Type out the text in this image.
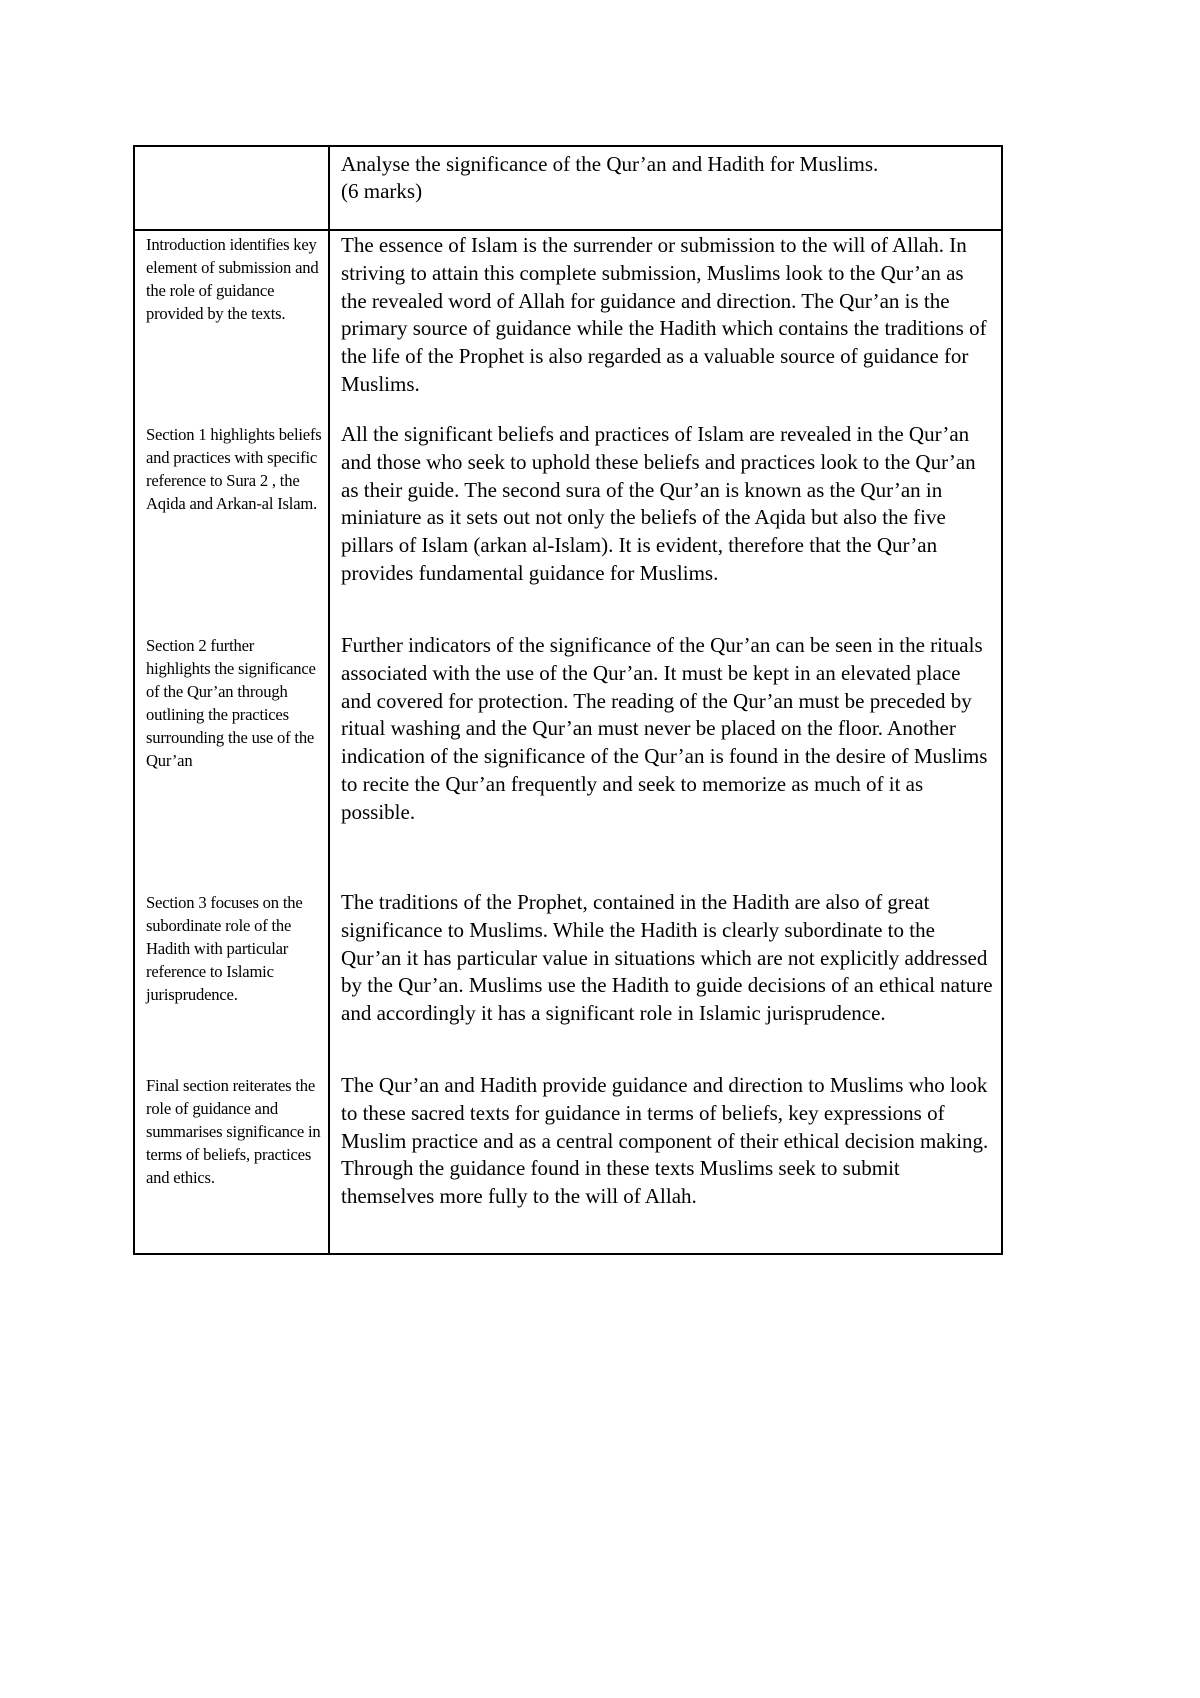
	Analyse the significance of the Qur’an and Hadith for Muslims.
(6 marks)

Introduction identifies key element of submission and the role of guidance provided by the texts.	The essence of Islam is the surrender or submission to the will of Allah. In striving to attain this complete submission, Muslims look to the Qur’an as the revealed word of Allah for guidance and direction. The Qur’an is the primary source of guidance while the Hadith which contains the traditions of the life of the Prophet is also regarded as a valuable source of guidance for Muslims.

Section 1 highlights beliefs and practices with specific reference to Sura 2 , the Aqida and Arkan-al Islam.	All the significant beliefs and practices of Islam are revealed in the Qur’an and those who seek to uphold these beliefs and practices look to the Qur’an as their guide. The second sura of the Qur’an is known as the Qur’an in miniature as it sets out not only the beliefs of the Aqida but also the five pillars of Islam (arkan al-Islam). It is evident, therefore that the Qur’an provides fundamental guidance for Muslims.

Section 2 further highlights the significance of the Qur’an through outlining the practices surrounding the use of the Qur’an	Further indicators of the significance of the Qur’an can be seen in the rituals associated with the use of the Qur’an. It must be kept in an elevated place and covered for protection. The reading of the Qur’an must be preceded by ritual washing and the Qur’an must never be placed on the floor. Another indication of the significance of the Qur’an is found in the desire of Muslims to recite the Qur’an frequently and seek to memorize as much of it as possible.

Section 3 focuses on the subordinate role of the Hadith with particular reference to Islamic jurisprudence.	The traditions of the Prophet, contained in the Hadith are also of great significance to Muslims. While the Hadith is clearly subordinate to the Qur’an it has particular value in situations which are not explicitly addressed by the Qur’an. Muslims use the Hadith to guide decisions of an ethical nature and accordingly it has a significant role in Islamic jurisprudence.

Final section reiterates the role of guidance and summarises significance in terms of beliefs, practices and ethics.	The Qur’an and Hadith provide guidance and direction to Muslims who look to these sacred texts for guidance in terms of beliefs, key expressions of Muslim practice and as a central component of their ethical decision making. Through the guidance found in these texts Muslims seek to submit themselves more fully to the will of Allah.
